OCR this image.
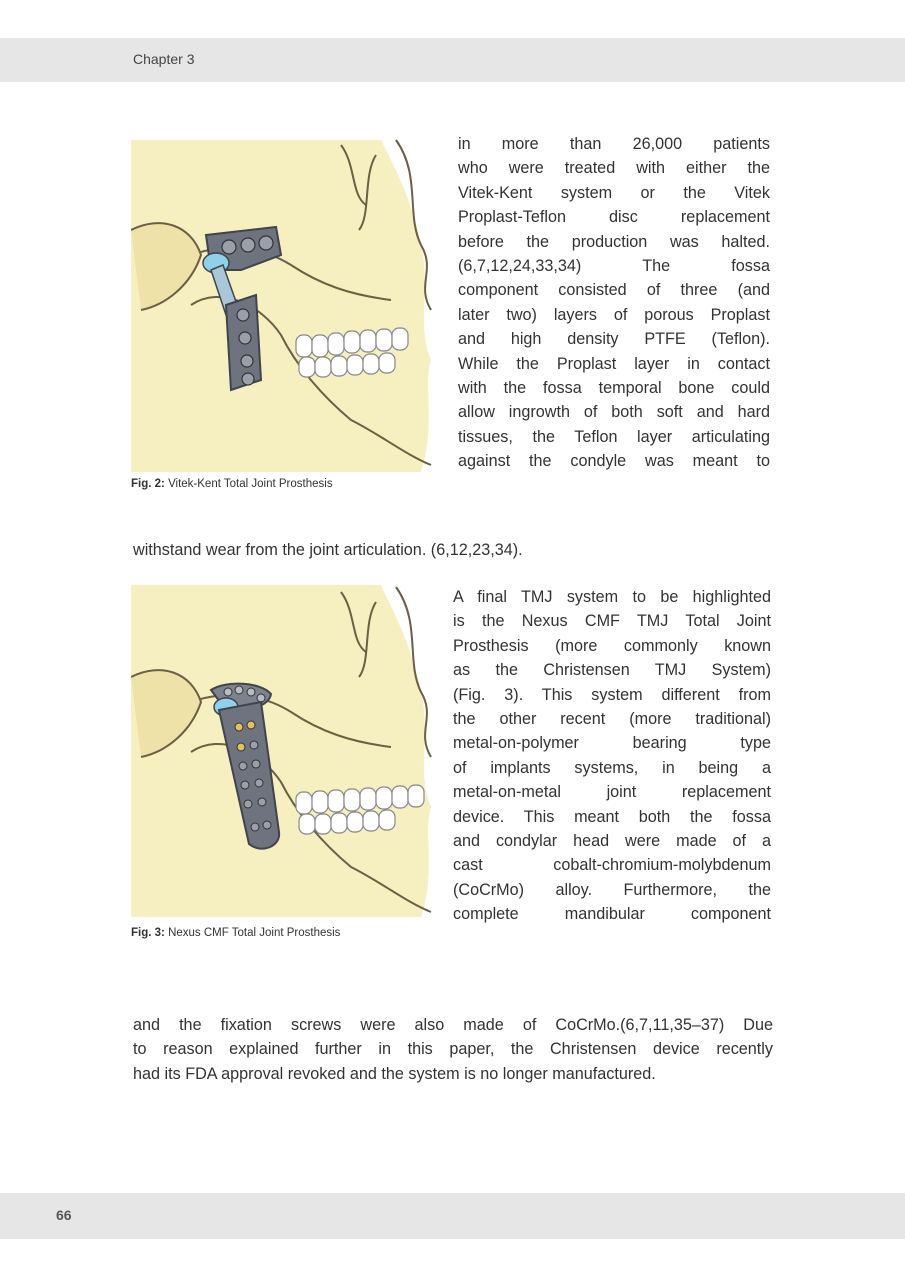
Chapter 3
Fig. 2: Vitek-Kent Total Joint Prosthesis
in more than 26,000 patients
who were treated with either the
Vitek-Kent system or the Vitek
Proplast-Teflon disc replacement
before the production was halted.
(6,7,12,24,33,34) The fossa
component consisted of three (and
later two) layers of porous Proplast
and high density PTFE (Teflon).
While the Proplast layer in contact
with the fossa temporal bone could
allow ingrowth of both soft and hard
tissues, the Teflon layer articulating
against the condyle was meant to
withstand wear from the joint articulation. (6,12,23,34).
Fig. 3: Nexus CMF Total Joint Prosthesis
A final TMJ system to be highlighted
is the Nexus CMF TMJ Total Joint
Prosthesis (more commonly known
as the Christensen TMJ System)
(Fig. 3). This system different from
the other recent (more traditional)
metal-on-polymer bearing type
of implants systems, in being a
metal-on-metal joint replacement
device. This meant both the fossa
and condylar head were made of a
cast cobalt-chromium-molybdenum
(CoCrMo) alloy. Furthermore, the
complete mandibular component
and the fixation screws were also made of CoCrMo.(6,7,11,35–37) Due
to reason explained further in this paper, the Christensen device recently
had its FDA approval revoked and the system is no longer manufactured.
66
